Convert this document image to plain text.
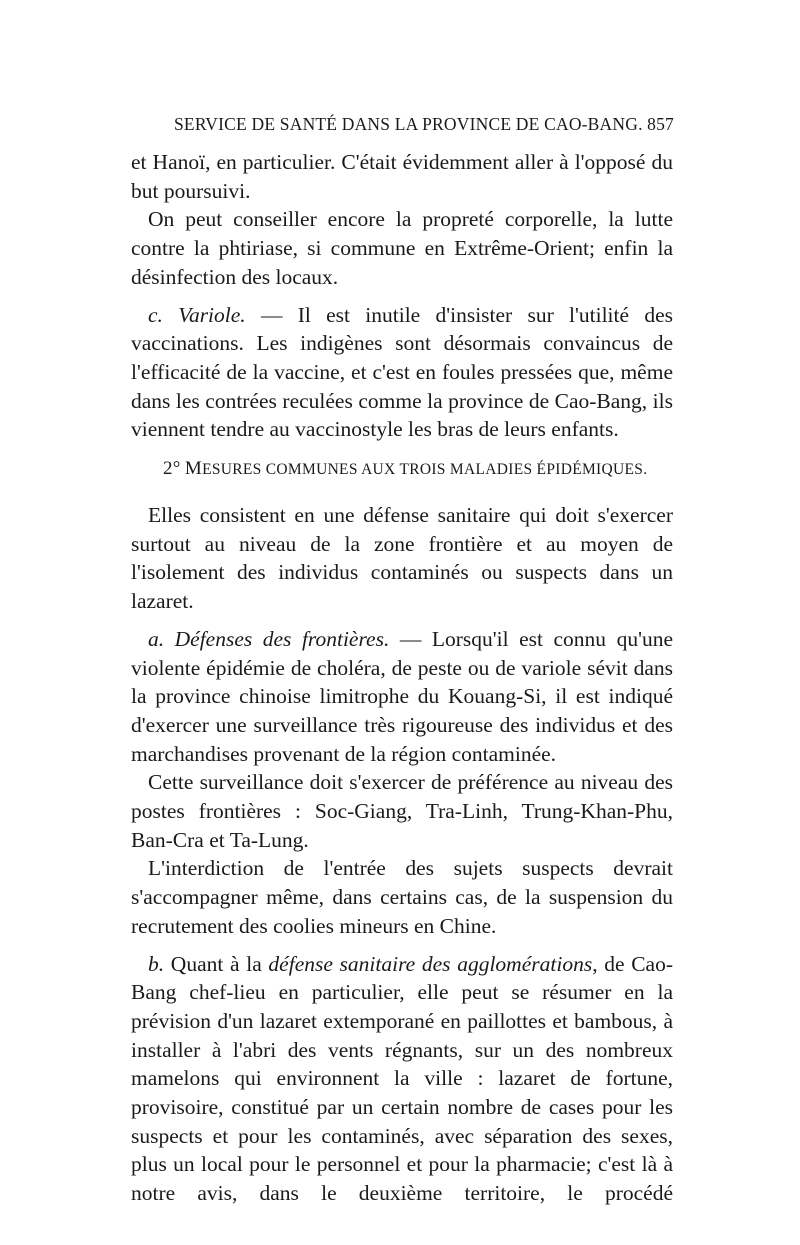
SERVICE DE SANTÉ DANS LA PROVINCE DE CAO-BANG. 857

et Hanoï, en particulier. C'était évidemment aller à l'opposé du but poursuivi.

On peut conseiller encore la propreté corporelle, la lutte contre la phtiriase, si commune en Extrême-Orient; enfin la désinfection des locaux.

c. Variole. — Il est inutile d'insister sur l'utilité des vaccinations. Les indigènes sont désormais convaincus de l'efficacité de la vaccine, et c'est en foules pressées que, même dans les contrées reculées comme la province de Cao-Bang, ils viennent tendre au vaccinostyle les bras de leurs enfants.

2° MESURES COMMUNES AUX TROIS MALADIES ÉPIDÉMIQUES.

Elles consistent en une défense sanitaire qui doit s'exercer surtout au niveau de la zone frontière et au moyen de l'isolement des individus contaminés ou suspects dans un lazaret.

a. Défenses des frontières. — Lorsqu'il est connu qu'une violente épidémie de choléra, de peste ou de variole sévit dans la province chinoise limitrophe du Kouang-Si, il est indiqué d'exercer une surveillance très rigoureuse des individus et des marchandises provenant de la région contaminée.

Cette surveillance doit s'exercer de préférence au niveau des postes frontières : Soc-Giang, Tra-Linh, Trung-Khan-Phu, Ban-Cra et Ta-Lung.

L'interdiction de l'entrée des sujets suspects devrait s'accompagner même, dans certains cas, de la suspension du recrutement des coolies mineurs en Chine.

b. Quant à la défense sanitaire des agglomérations, de Cao-Bang chef-lieu en particulier, elle peut se résumer en la prévision d'un lazaret extemporané en paillottes et bambous, à installer à l'abri des vents régnants, sur un des nombreux mamelons qui environnent la ville : lazaret de fortune, provisoire, constitué par un certain nombre de cases pour les suspects et pour les contaminés, avec séparation des sexes, plus un local pour le personnel et pour la pharmacie; c'est là à notre avis, dans le deuxième territoire, le procédé
